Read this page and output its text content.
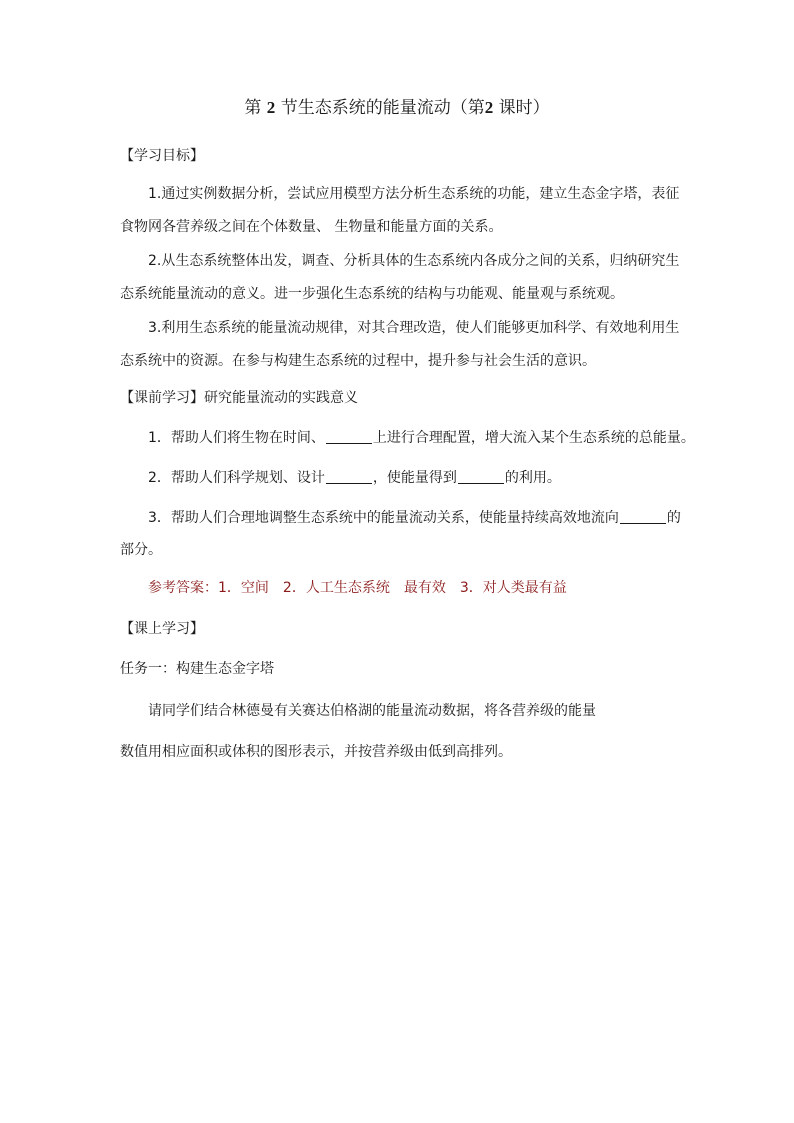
第 2 节生态系统的能量流动（第2 课时）
【学习目标】
1.通过实例数据分析，尝试应用模型方法分析生态系统的功能，建立生态金字塔，表征食物网各营养级之间在个体数量、 生物量和能量方面的关系。
2.从生态系统整体出发，调查、分析具体的生态系统内各成分之间的关系，归纳研究生态系统能量流动的意义。进一步强化生态系统的结构与功能观、能量观与系统观。
3.利用生态系统的能量流动规律，对其合理改造，使人们能够更加科学、有效地利用生态系统中的资源。在参与构建生态系统的过程中，提升参与社会生活的意识。
【课前学习】研究能量流动的实践意义
1．帮助人们将生物在时间、	上进行合理配置，增大流入某个生态系统的总能量。
2．帮助人们科学规划、设计	，使能量得到	的利用。
3．帮助人们合理地调整生态系统中的能量流动关系，使能量持续高效地流向	的
部分。
参考答案：1．空间　2．人工生态系统　最有效　3．对人类最有益
【课上学习】
任务一：构建生态金字塔
请同学们结合林德曼有关赛达伯格湖的能量流动数据，将各营养级的能量
数值用相应面积或体积的图形表示，并按营养级由低到高排列。
